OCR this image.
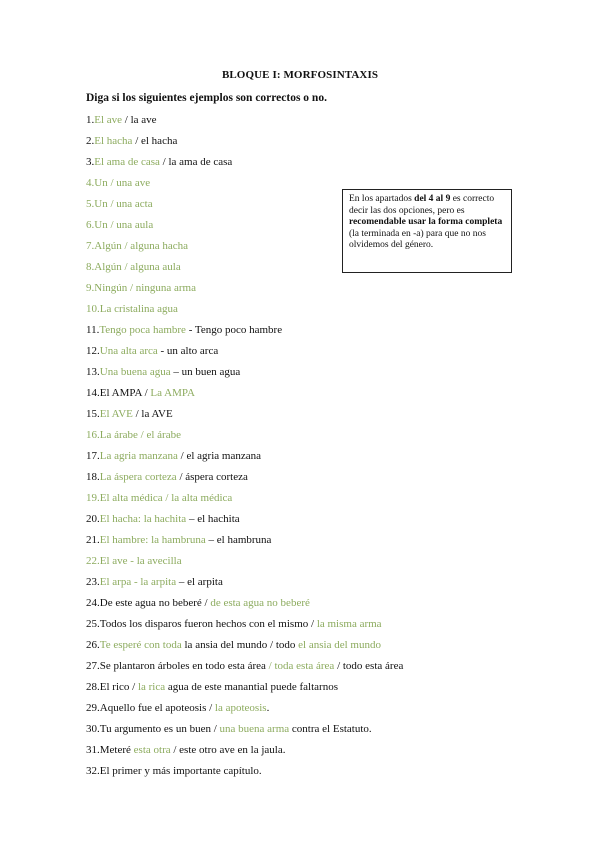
BLOQUE I: MORFOSINTAXIS
Diga si los siguientes ejemplos son correctos o no.
1.El ave / la ave
2.El hacha / el hacha
3.El ama de casa / la ama de casa
4.Un / una ave
5.Un / una acta
6.Un / una aula
7.Algún / alguna hacha
8.Algún / alguna aula
9.Ningún / ninguna arma
10.La cristalina agua
11.Tengo poca hambre - Tengo poco hambre
12.Una alta arca - un alto arca
13.Una buena agua – un buen agua
14.El AMPA / La AMPA
15.El AVE / la AVE
16.La árabe / el árabe
17.La agria manzana / el agria manzana
18.La áspera corteza / áspera corteza
19.El alta médica / la alta médica
20.El hacha: la hachita – el hachita
21.El hambre: la hambruna – el hambruna
22.El ave - la avecilla
23.El arpa - la arpita – el arpita
24.De este agua no beberé / de esta agua no beberé
25.Todos los disparos fueron hechos con el mismo / la misma arma
26.Te esperé con toda la ansia del mundo / todo el ansia del mundo
27.Se plantaron árboles en todo esta área / toda esta área / todo esta área
28.El rico / la rica agua de este manantial puede faltarnos
29.Aquello fue el apoteosis / la apoteosis.
30.Tu argumento es un buen / una buena arma contra el Estatuto.
31.Meteré esta otra / este otro ave en la jaula.
32.El primer y más importante capítulo.
En los apartados del 4 al 9 es correcto decir las dos opciones, pero es recomendable usar la forma completa (la terminada en -a) para que no nos olvidemos del género.
